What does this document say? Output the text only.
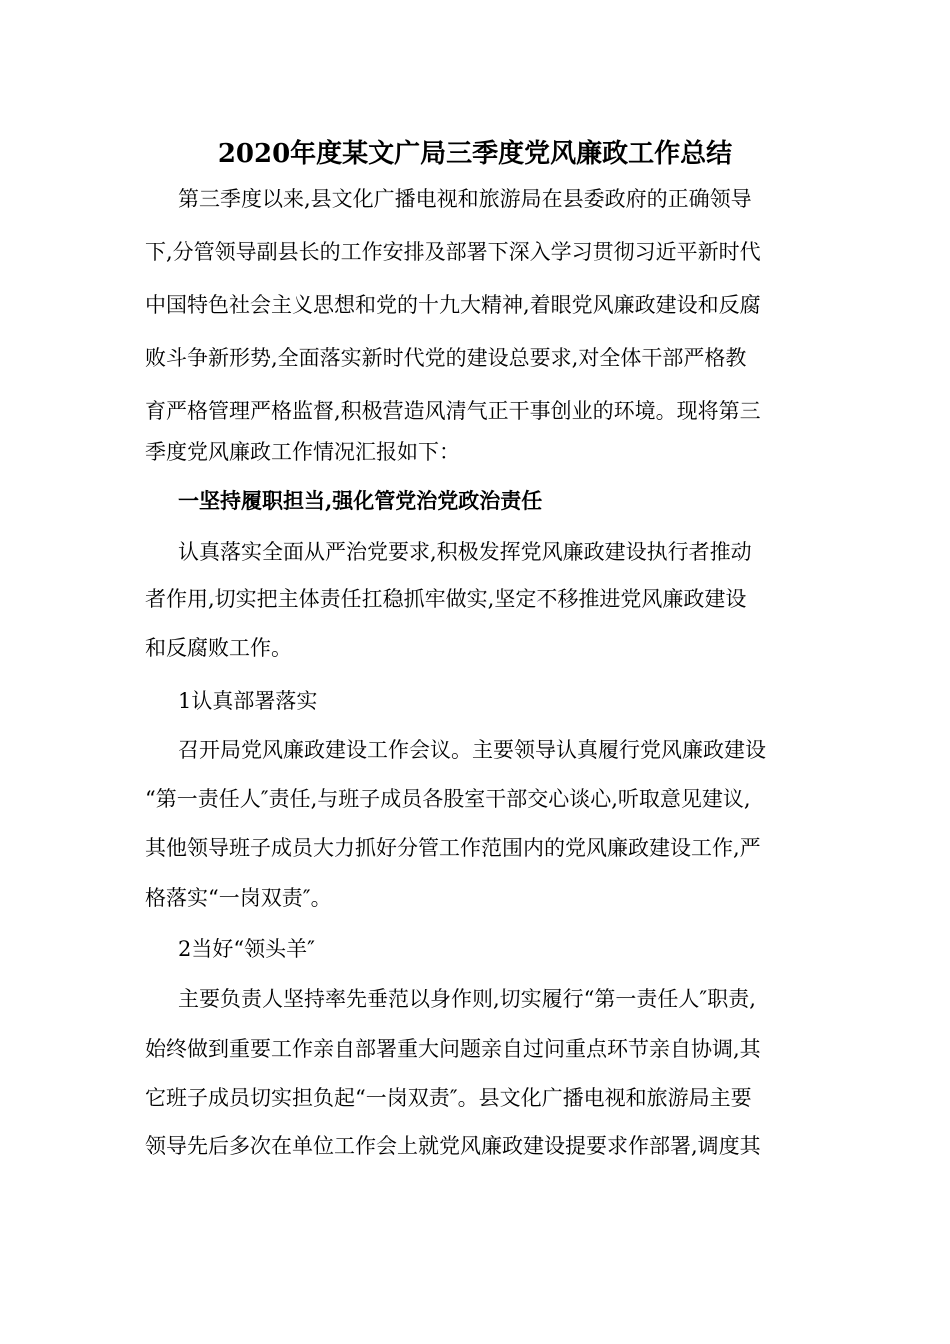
2020年度某文广局三季度党风廉政工作总结

第三季度以来,县文化广播电视和旅游局在县委政府的正确领导

下,分管领导副县长的工作安排及部署下深入学习贯彻习近平新时代

中国特色社会主义思想和党的十九大精神,着眼党风廉政建设和反腐

败斗争新形势,全面落实新时代党的建设总要求,对全体干部严格教

育严格管理严格监督,积极营造风清气正干事创业的环境。现将第三

季度党风廉政工作情况汇报如下：

一坚持履职担当,强化管党治党政治责任

认真落实全面从严治党要求,积极发挥党风廉政建设执行者推动

者作用,切实把主体责任扛稳抓牢做实,坚定不移推进党风廉政建设

和反腐败工作。

1认真部署落实

召开局党风廉政建设工作会议。主要领导认真履行党风廉政建设

“第一责任人″责任,与班子成员各股室干部交心谈心,听取意见建议,

其他领导班子成员大力抓好分管工作范围内的党风廉政建设工作,严

格落实“一岗双责″。

2当好“领头羊″

主要负责人坚持率先垂范以身作则,切实履行“第一责任人″职责,

始终做到重要工作亲自部署重大问题亲自过问重点环节亲自协调,其

它班子成员切实担负起“一岗双责″。县文化广播电视和旅游局主要

领导先后多次在单位工作会上就党风廉政建设提要求作部署,调度其
